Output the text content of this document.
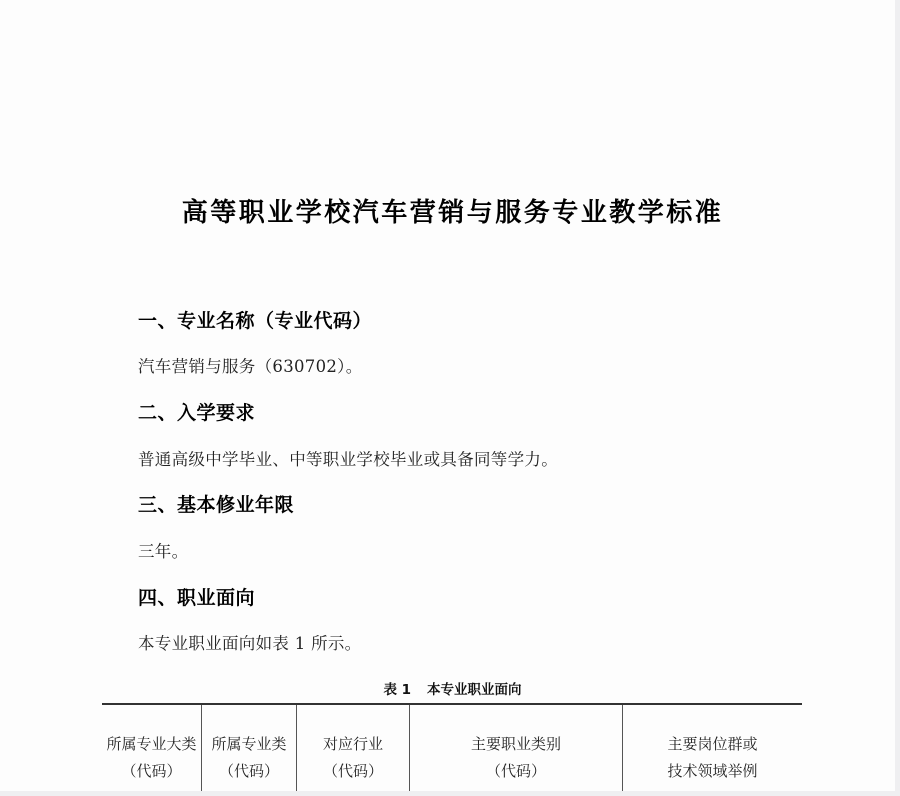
高等职业学校汽车营销与服务专业教学标准
一、专业名称（专业代码）
汽车营销与服务（630702）。
二、入学要求
普通高级中学毕业、中等职业学校毕业或具备同等学力。
三、基本修业年限
三年。
四、职业面向
本专业职业面向如表 1 所示。
表 1 本专业职业面向
所属专业大类
（代码）
所属专业类
（代码）
对应行业
（代码）
主要职业类别
（代码）
主要岗位群或
技术领域举例
